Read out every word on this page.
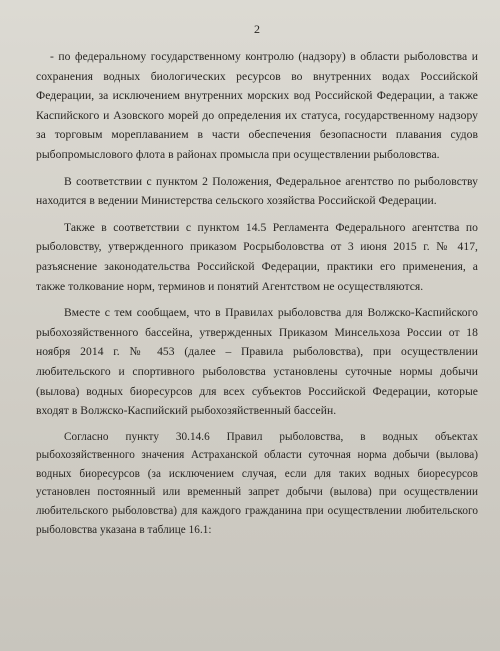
2

- по федеральному государственному контролю (надзору) в области рыболовства и сохранения водных биологических ресурсов во внутренних водах Российской Федерации, за исключением внутренних морских вод Российской Федерации, а также Каспийского и Азовского морей до определения их статуса, государственному надзору за торговым мореплаванием в части обеспечения безопасности плавания судов рыбопромыслового флота в районах промысла при осуществлении рыболовства.

В соответствии с пунктом 2 Положения, Федеральное агентство по рыболовству находится в ведении Министерства сельского хозяйства Российской Федерации.

Также в соответствии с пунктом 14.5 Регламента Федерального агентства по рыболовству, утвержденного приказом Росрыболовства от 3 июня 2015 г. № 417, разъяснение законодательства Российской Федерации, практики его применения, а также толкование норм, терминов и понятий Агентством не осуществляются.

Вместе с тем сообщаем, что в Правилах рыболовства для Волжско-Каспийского рыбохозяйственного бассейна, утвержденных Приказом Минсельхоза России от 18 ноября 2014 г. № 453 (далее – Правила рыболовства), при осуществлении любительского и спортивного рыболовства установлены суточные нормы добычи (вылова) водных биоресурсов для всех субъектов Российской Федерации, которые входят в Волжско-Каспийский рыбохозяйственный бассейн.

Согласно пункту 30.14.6 Правил рыболовства, в водных объектах рыбохозяйственного значения Астраханской области суточная норма добычи (вылова) водных биоресурсов (за исключением случая, если для таких водных биоресурсов установлен постоянный или временный запрет добычи (вылова) при осуществлении любительского рыболовства) для каждого гражданина при осуществлении любительского рыболовства указана в таблице 16.1:
